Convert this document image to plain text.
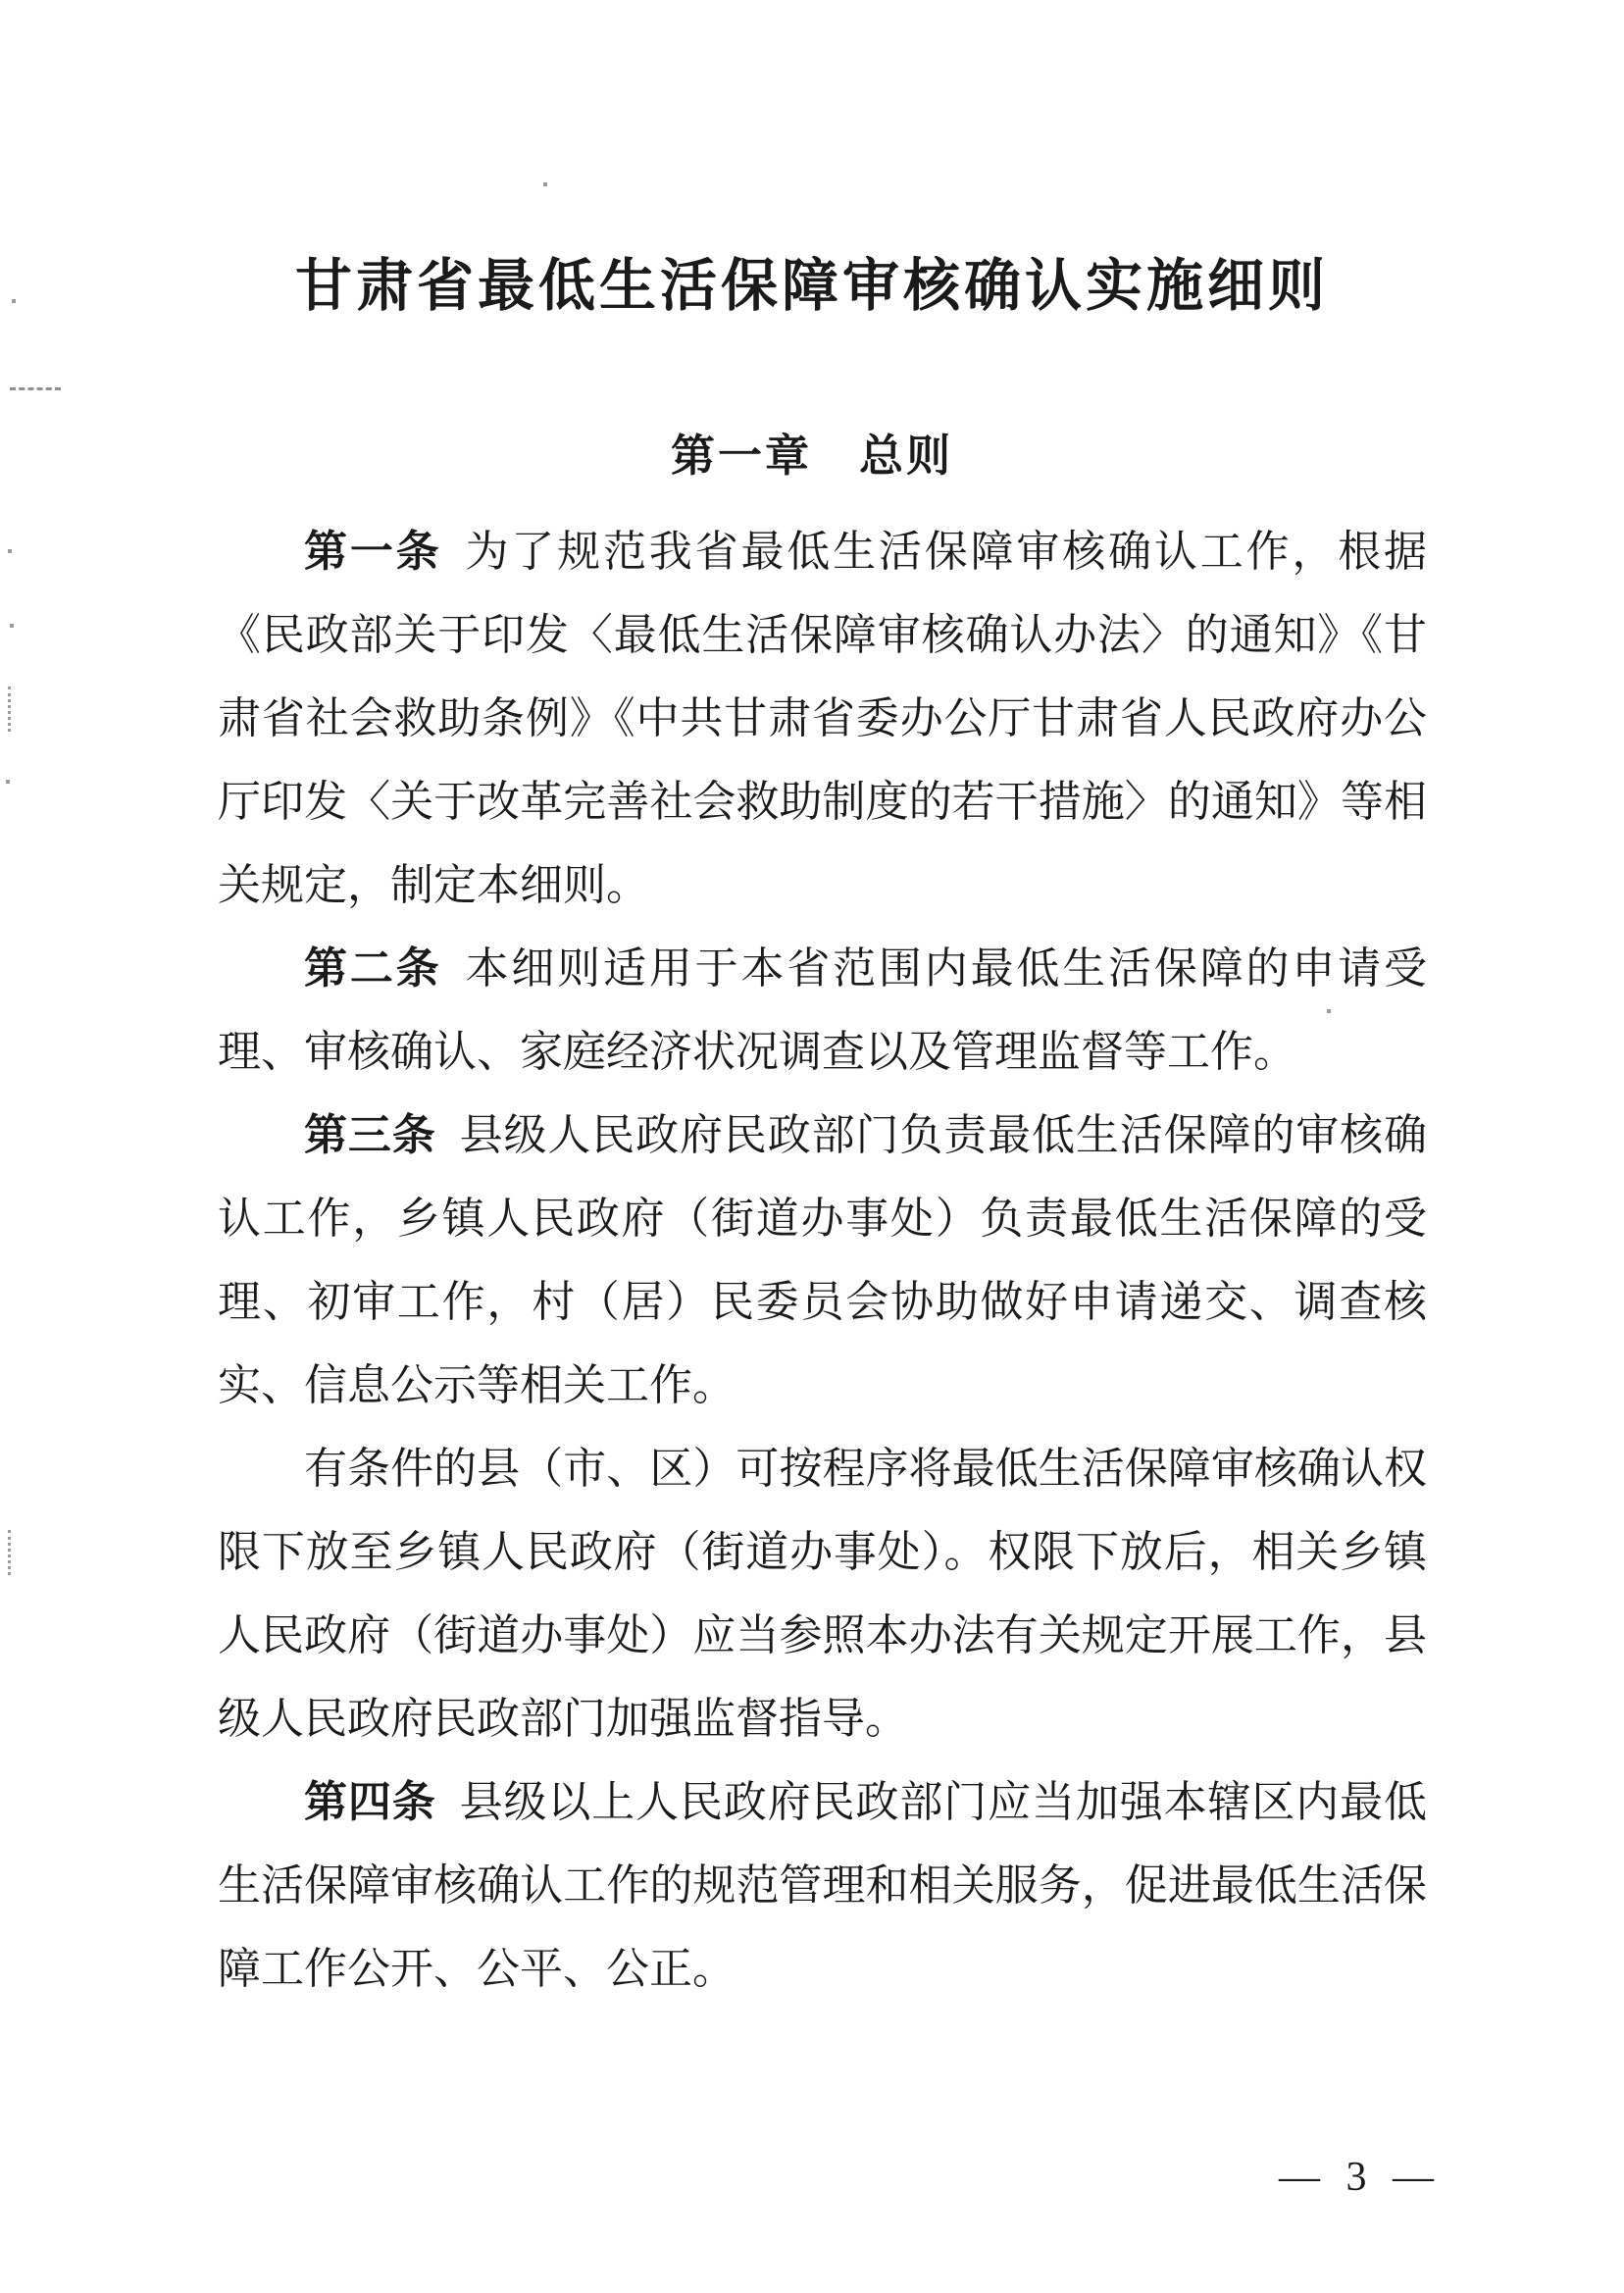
甘肃省最低生活保障审核确认实施细则
第一章　总则

第一条 为了规范我省最低生活保障审核确认工作，根据《民政部关于印发〈最低生活保障审核确认办法〉的通知》《甘肃省社会救助条例》《中共甘肃省委办公厅甘肃省人民政府办公厅印发〈关于改革完善社会救助制度的若干措施〉的通知》等相关规定，制定本细则。

第二条 本细则适用于本省范围内最低生活保障的申请受理、审核确认、家庭经济状况调查以及管理监督等工作。

第三条 县级人民政府民政部门负责最低生活保障的审核确认工作，乡镇人民政府（街道办事处）负责最低生活保障的受理、初审工作，村（居）民委员会协助做好申请递交、调查核实、信息公示等相关工作。

有条件的县（市、区）可按程序将最低生活保障审核确认权限下放至乡镇人民政府（街道办事处）。权限下放后，相关乡镇人民政府（街道办事处）应当参照本办法有关规定开展工作，县级人民政府民政部门加强监督指导。

第四条 县级以上人民政府民政部门应当加强本辖区内最低生活保障审核确认工作的规范管理和相关服务，促进最低生活保障工作公开、公平、公正。

— 3 —
